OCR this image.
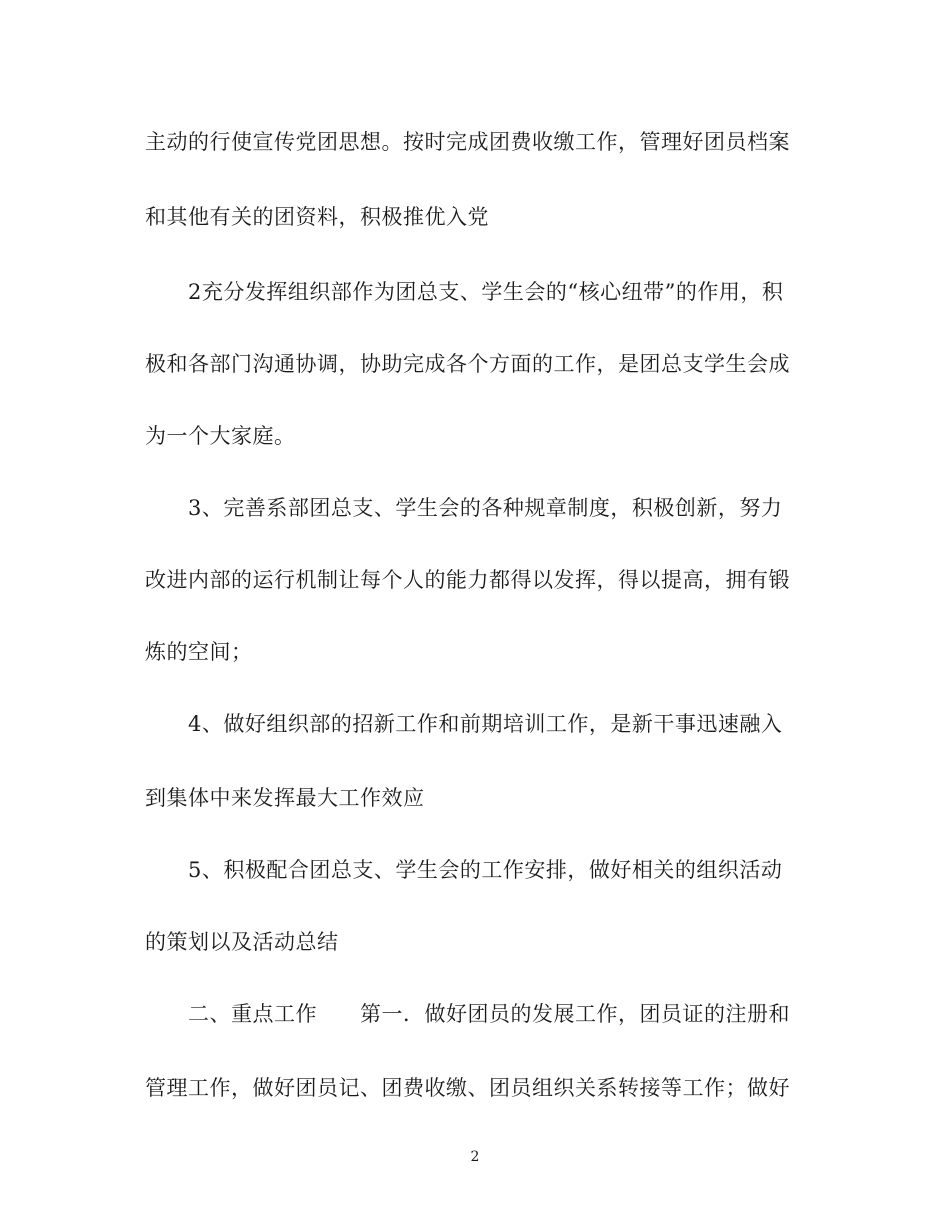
主动的行使宣传党团思想。按时完成团费收缴工作，管理好团员档案
和其他有关的团资料，积极推优入党
2充分发挥组织部作为团总支、学生会的“核心纽带”的作用，积
极和各部门沟通协调，协助完成各个方面的工作，是团总支学生会成
为一个大家庭。
3、完善系部团总支、学生会的各种规章制度，积极创新，努力
改进内部的运行机制让每个人的能力都得以发挥，得以提高，拥有锻
炼的空间；
4、做好组织部的招新工作和前期培训工作，是新干事迅速融入
到集体中来发挥最大工作效应
5、积极配合团总支、学生会的工作安排，做好相关的组织活动
的策划以及活动总结
二、重点工作　　第一．做好团员的发展工作，团员证的注册和
管理工作，做好团员记、团费收缴、团员组织关系转接等工作；做好
2
